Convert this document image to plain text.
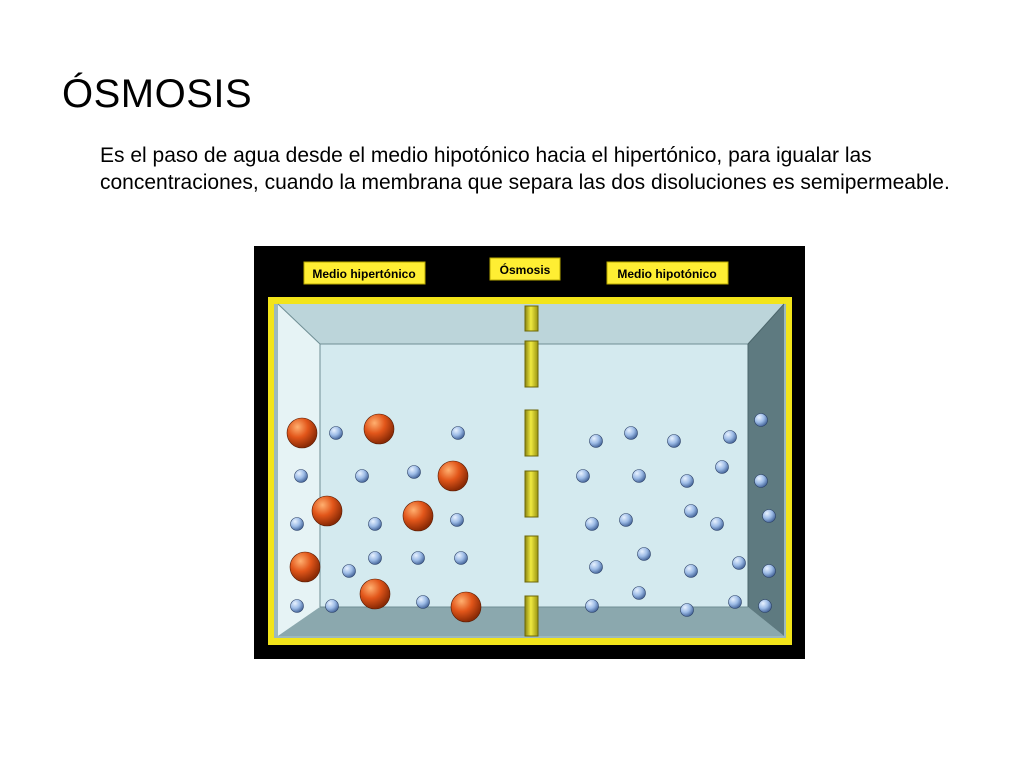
ÓSMOSIS
Es el paso de agua desde el medio hipotónico hacia el hipertónico, para igualar las concentraciones, cuando la membrana que separa las dos disoluciones es semipermeable.
Medio hipertónico	Ósmosis	Medio hipotónico
